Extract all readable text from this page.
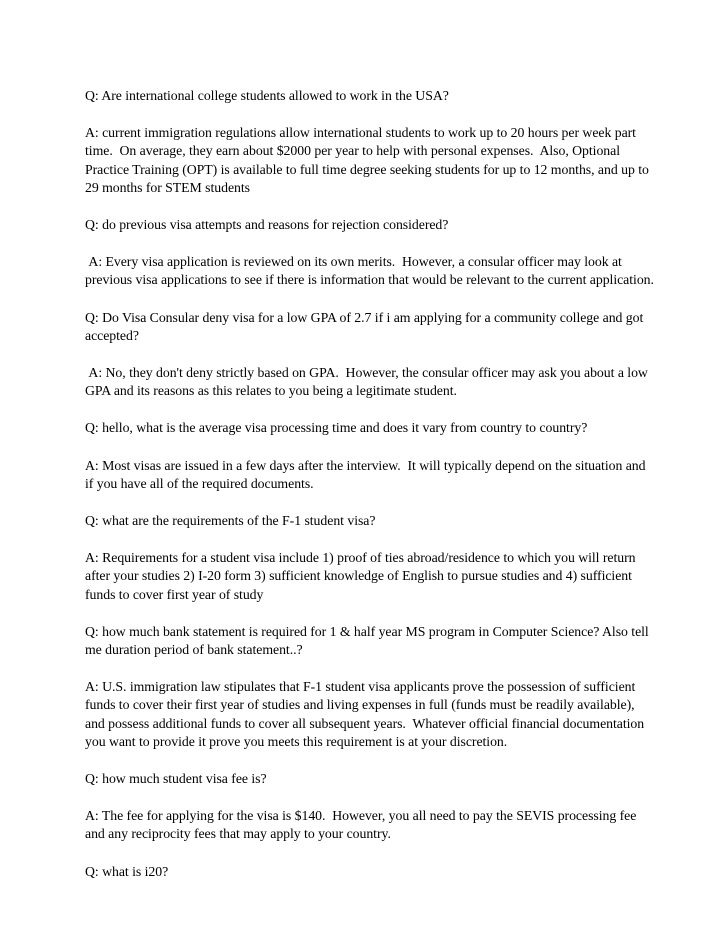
Q: Are international college students allowed to work in the USA?

A: current immigration regulations allow international students to work up to 20 hours per week part time.  On average, they earn about $2000 per year to help with personal expenses.  Also, Optional Practice Training (OPT) is available to full time degree seeking students for up to 12 months, and up to 29 months for STEM students

Q: do previous visa attempts and reasons for rejection considered?

A: Every visa application is reviewed on its own merits.  However, a consular officer may look at previous visa applications to see if there is information that would be relevant to the current application.

Q: Do Visa Consular deny visa for a low GPA of 2.7 if i am applying for a community college and got accepted?

A: No, they don't deny strictly based on GPA.  However, the consular officer may ask you about a low GPA and its reasons as this relates to you being a legitimate student.

Q: hello, what is the average visa processing time and does it vary from country to country?

A: Most visas are issued in a few days after the interview.  It will typically depend on the situation and if you have all of the required documents.

Q: what are the requirements of the F-1 student visa?

A: Requirements for a student visa include 1) proof of ties abroad/residence to which you will return after your studies 2) I-20 form 3) sufficient knowledge of English to pursue studies and 4) sufficient funds to cover first year of study

Q: how much bank statement is required for 1 & half year MS program in Computer Science? Also tell me duration period of bank statement..?

A: U.S. immigration law stipulates that F-1 student visa applicants prove the possession of sufficient funds to cover their first year of studies and living expenses in full (funds must be readily available), and possess additional funds to cover all subsequent years.  Whatever official financial documentation you want to provide it prove you meets this requirement is at your discretion.

Q: how much student visa fee is?

A: The fee for applying for the visa is $140.  However, you all need to pay the SEVIS processing fee and any reciprocity fees that may apply to your country.

Q: what is i20?
